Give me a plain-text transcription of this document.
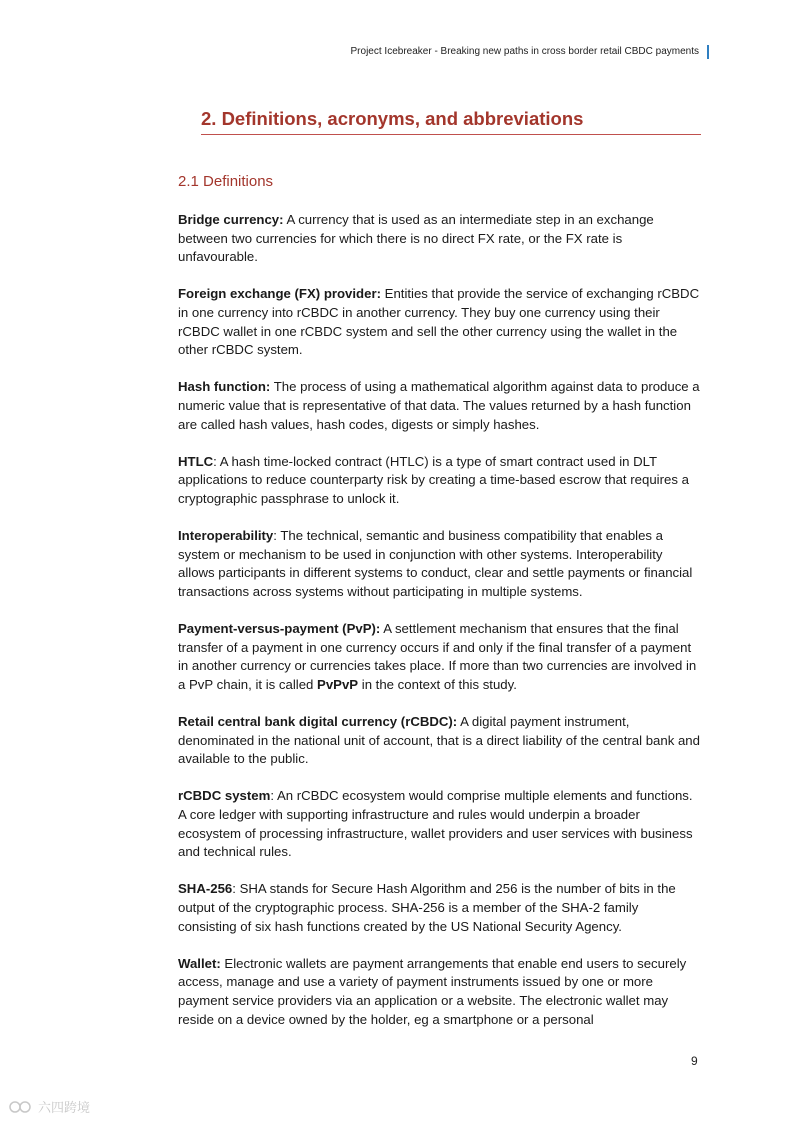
Project Icebreaker - Breaking new paths in cross border retail CBDC payments
2. Definitions, acronyms, and abbreviations
2.1 Definitions

Bridge currency: A currency that is used as an intermediate step in an exchange between two currencies for which there is no direct FX rate, or the FX rate is unfavourable.

Foreign exchange (FX) provider: Entities that provide the service of exchanging rCBDC in one currency into rCBDC in another currency. They buy one currency using their rCBDC wallet in one rCBDC system and sell the other currency using the wallet in the other rCBDC system.

Hash function: The process of using a mathematical algorithm against data to produce a numeric value that is representative of that data. The values returned by a hash function are called hash values, hash codes, digests or simply hashes.

HTLC: A hash time-locked contract (HTLC) is a type of smart contract used in DLT applications to reduce counterparty risk by creating a time-based escrow that requires a cryptographic passphrase to unlock it.

Interoperability: The technical, semantic and business compatibility that enables a system or mechanism to be used in conjunction with other systems. Interoperability allows participants in different systems to conduct, clear and settle payments or financial transactions across systems without participating in multiple systems.

Payment-versus-payment (PvP): A settlement mechanism that ensures that the final transfer of a payment in one currency occurs if and only if the final transfer of a payment in another currency or currencies takes place. If more than two currencies are involved in a PvP chain, it is called PvPvP in the context of this study.

Retail central bank digital currency (rCBDC): A digital payment instrument, denominated in the national unit of account, that is a direct liability of the central bank and available to the public.

rCBDC system: An rCBDC ecosystem would comprise multiple elements and functions. A core ledger with supporting infrastructure and rules would underpin a broader ecosystem of processing infrastructure, wallet providers and user services with business and technical rules.

SHA-256: SHA stands for Secure Hash Algorithm and 256 is the number of bits in the output of the cryptographic process. SHA-256 is a member of the SHA-2 family consisting of six hash functions created by the US National Security Agency.

Wallet: Electronic wallets are payment arrangements that enable end users to securely access, manage and use a variety of payment instruments issued by one or more payment service providers via an application or a website. The electronic wallet may reside on a device owned by the holder, eg a smartphone or a personal

9
六四跨境
